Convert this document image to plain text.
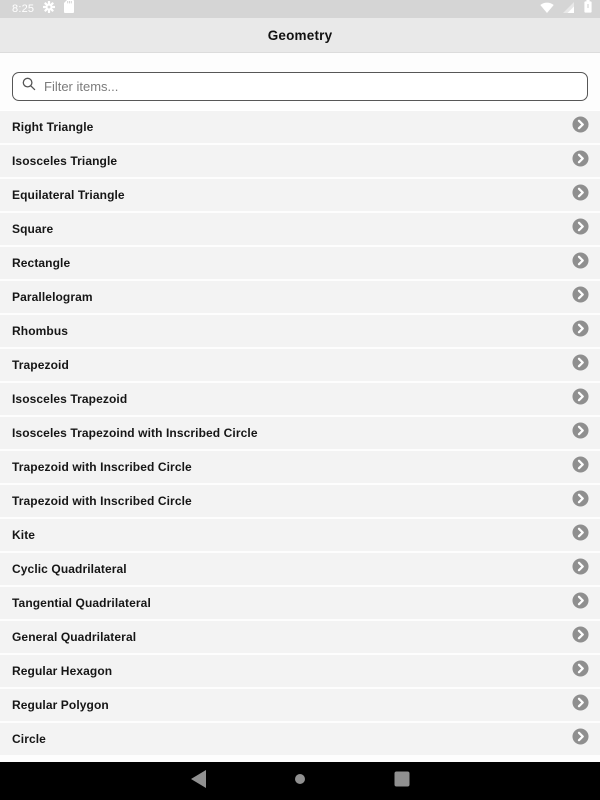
8:25
Geometry
Filter items...
Right Triangle
Isosceles Triangle
Equilateral Triangle
Square
Rectangle
Parallelogram
Rhombus
Trapezoid
Isosceles Trapezoid
Isosceles Trapezoind with Inscribed Circle
Trapezoid with Inscribed Circle
Trapezoid with Inscribed Circle
Kite
Cyclic Quadrilateral
Tangential Quadrilateral
General Quadrilateral
Regular Hexagon
Regular Polygon
Circle
